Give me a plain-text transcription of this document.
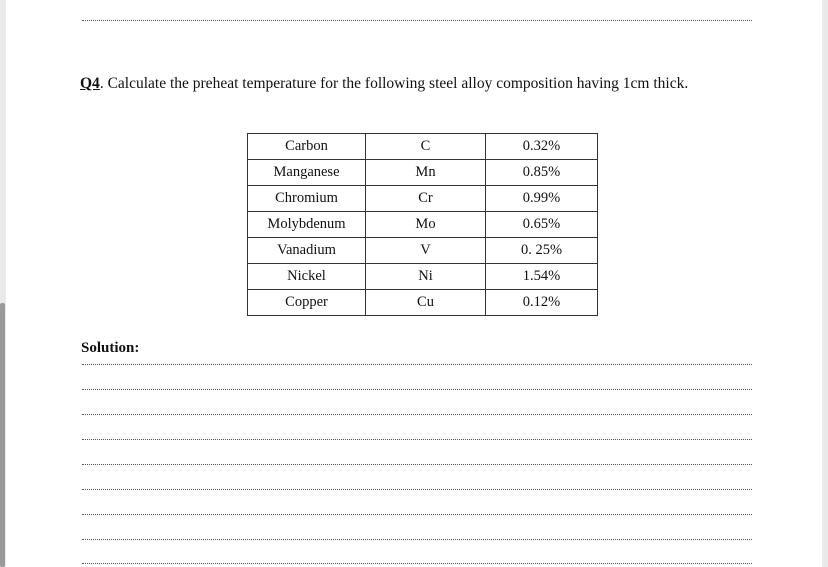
Q4. Calculate the preheat temperature for the following steel alloy composition having 1cm thick.
Carbon	C	0.32%
Manganese	Mn	0.85%
Chromium	Cr	0.99%
Molybdenum	Mo	0.65%
Vanadium	V	0. 25%
Nickel	Ni	1.54%
Copper	Cu	0.12%
Solution:
